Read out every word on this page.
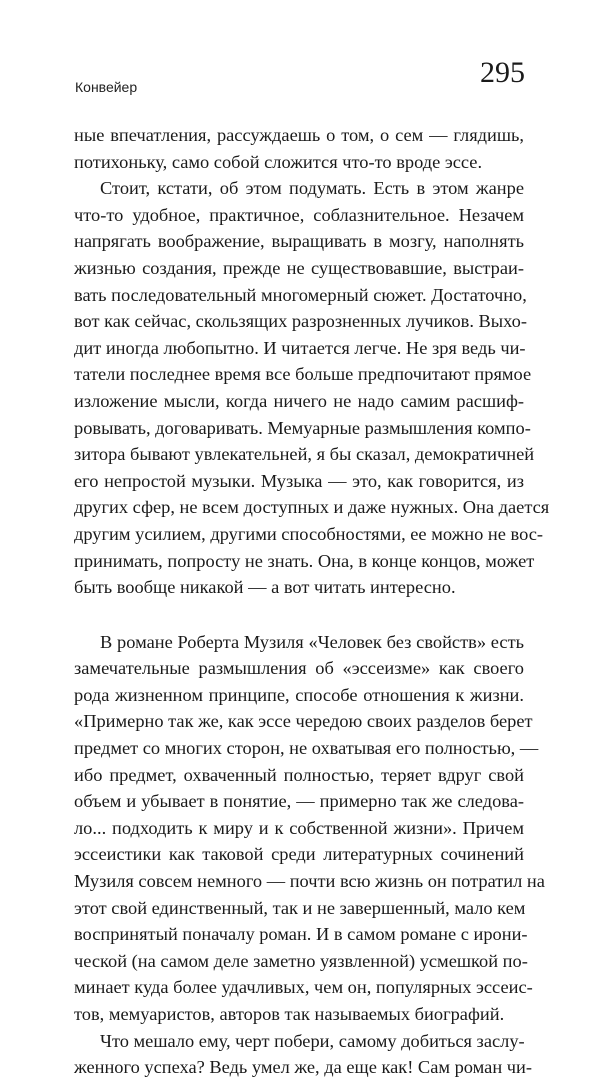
Конвейер	295
ные впечатления, рассуждаешь о том, о сем — глядишь,
потихоньку, само собой сложится что-то вроде эссе.
Стоит, кстати, об этом подумать. Есть в этом жанре
что-то удобное, практичное, соблазнительное. Незачем
напрягать воображение, выращивать в мозгу, наполнять
жизнью создания, прежде не существовавшие, выстраи-
вать последовательный многомерный сюжет. Достаточно,
вот как сейчас, скользящих разрозненных лучиков. Выхо-
дит иногда любопытно. И читается легче. Не зря ведь чи-
татели последнее время все больше предпочитают прямое
изложение мысли, когда ничего не надо самим расшиф-
ровывать, договаривать. Мемуарные размышления компо-
зитора бывают увлекательней, я бы сказал, демократичней
его непростой музыки. Музыка — это, как говорится, из
других сфер, не всем доступных и даже нужных. Она дается
другим усилием, другими способностями, ее можно не вос-
принимать, попросту не знать. Она, в конце концов, может
быть вообще никакой — а вот читать интересно.
В романе Роберта Музиля «Человек без свойств» есть
замечательные размышления об «эссеизме» как своего
рода жизненном принципе, способе отношения к жизни.
«Примерно так же, как эссе чередою своих разделов берет
предмет со многих сторон, не охватывая его полностью, —
ибо предмет, охваченный полностью, теряет вдруг свой
объем и убывает в понятие, — примерно так же следова-
ло... подходить к миру и к собственной жизни». Причем
эссеистики как таковой среди литературных сочинений
Музиля совсем немного — почти всю жизнь он потратил на
этот свой единственный, так и не завершенный, мало кем
воспринятый поначалу роман. И в самом романе с ирони-
ческой (на самом деле заметно уязвленной) усмешкой по-
минает куда более удачливых, чем он, популярных эссеис-
тов, мемуаристов, авторов так называемых биографий.
Что мешало ему, черт побери, самому добиться заслу-
женного успеха? Ведь умел же, да еще как! Сам роман чи-
